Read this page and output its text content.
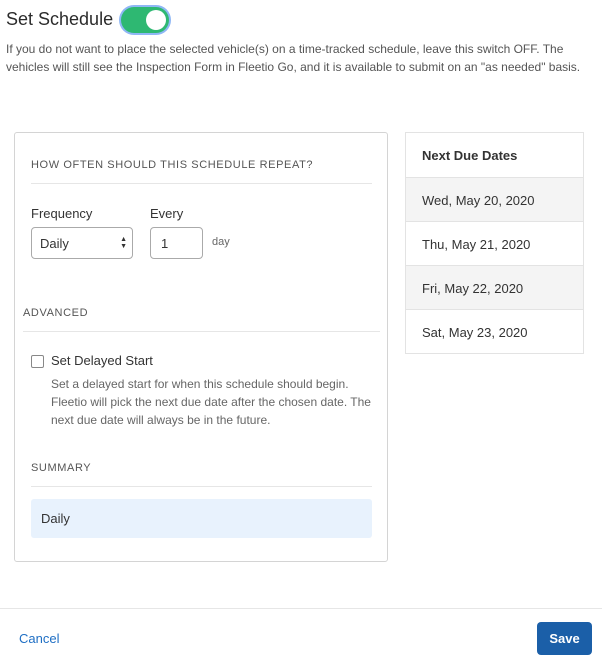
Set Schedule
If you do not want to place the selected vehicle(s) on a time-tracked schedule, leave this switch OFF. The vehicles will still see the Inspection Form in Fleetio Go, and it is available to submit on an "as needed" basis.
HOW OFTEN SHOULD THIS SCHEDULE REPEAT?
Frequency	Every
Daily	▲
▼	1	day
ADVANCED
Set Delayed Start
Set a delayed start for when this schedule should begin. Fleetio will pick the next due date after the chosen date. The next due date will always be in the future.
SUMMARY
Daily
Next Due Dates
Wed, May 20, 2020
Thu, May 21, 2020
Fri, May 22, 2020
Sat, May 23, 2020
Cancel	Save
